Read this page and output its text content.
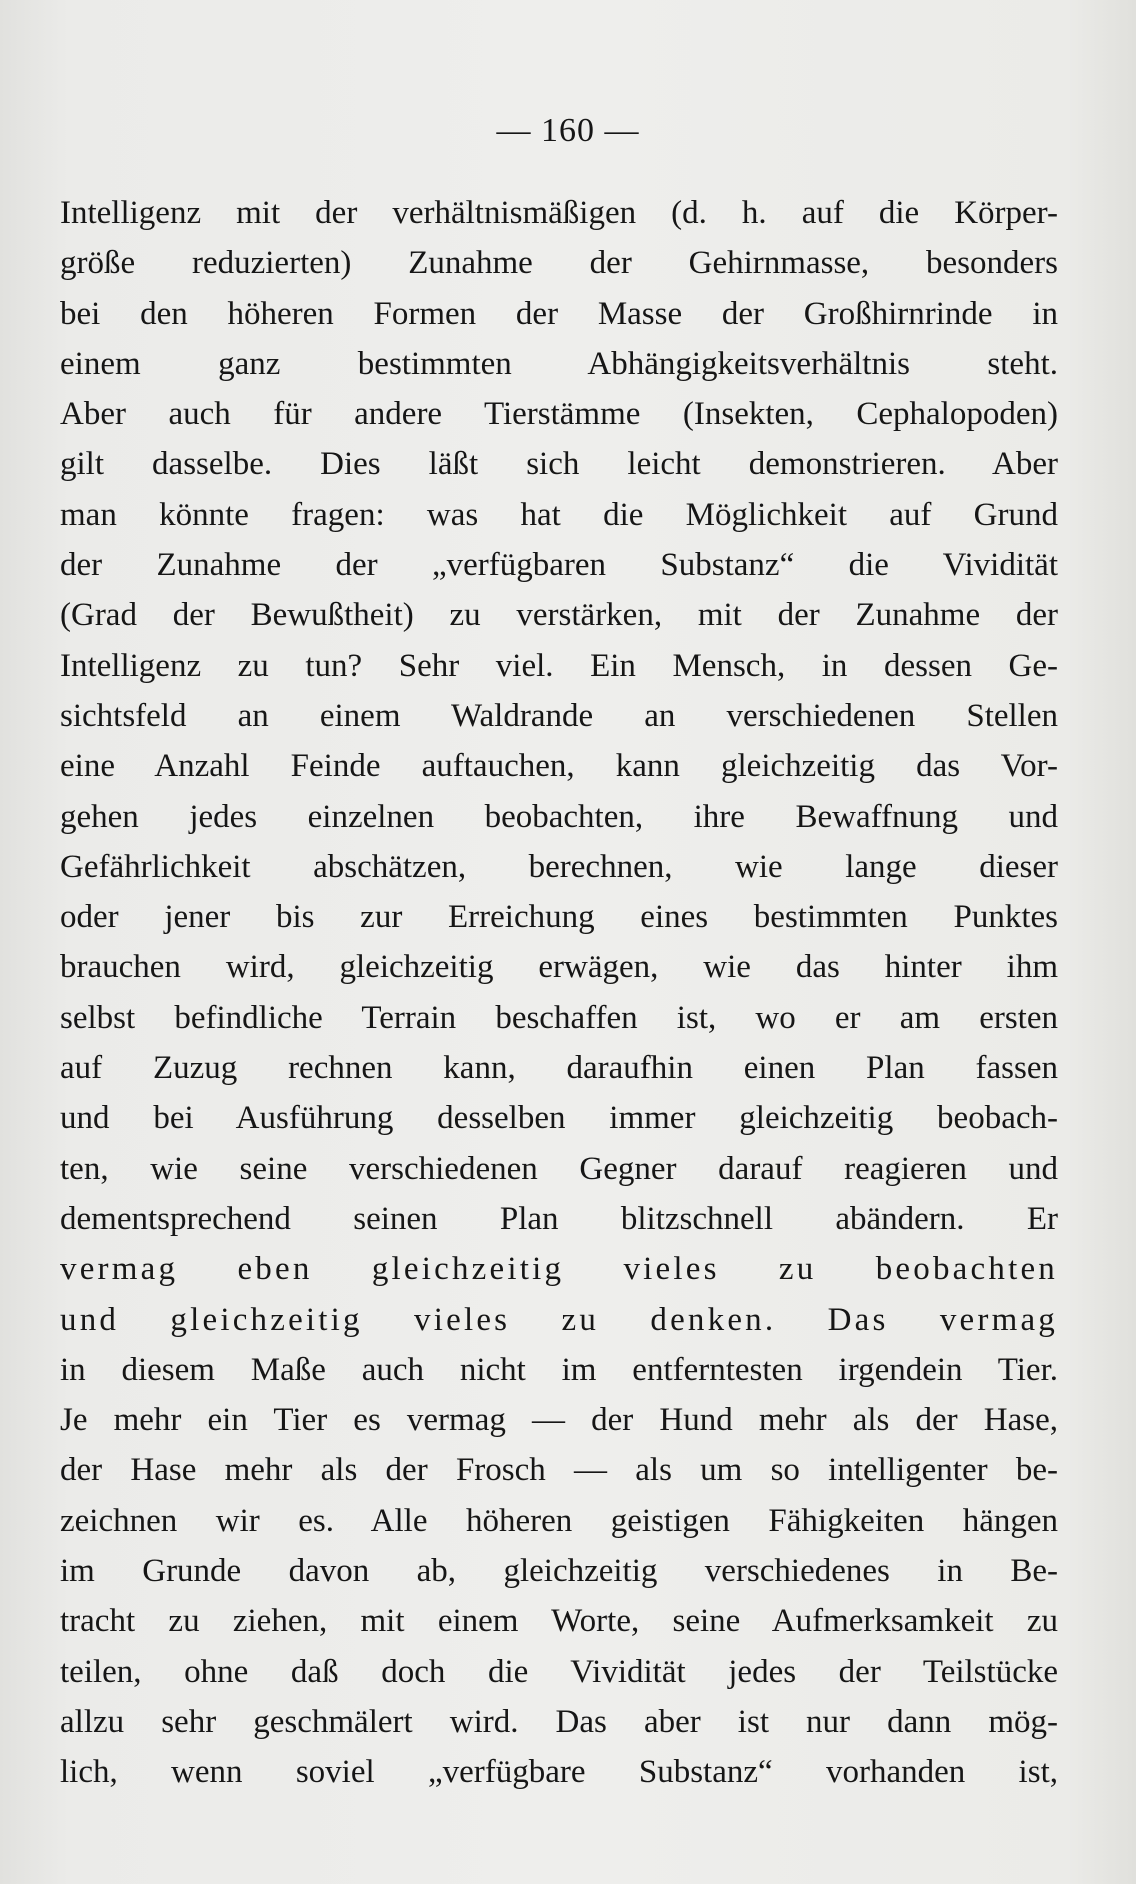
— 160 —
Intelligenz mit der verhältnismäßigen (d. h. auf die Körper-
größe reduzierten) Zunahme der Gehirnmasse, besonders
bei den höheren Formen der Masse der Großhirnrinde in
einem ganz bestimmten Abhängigkeitsverhältnis steht.
Aber auch für andere Tierstämme (Insekten, Cephalopoden)
gilt dasselbe. Dies läßt sich leicht demonstrieren. Aber
man könnte fragen: was hat die Möglichkeit auf Grund
der Zunahme der „verfügbaren Substanz“ die Vividität
(Grad der Bewußtheit) zu verstärken, mit der Zunahme der
Intelligenz zu tun? Sehr viel. Ein Mensch, in dessen Ge-
sichtsfeld an einem Waldrande an verschiedenen Stellen
eine Anzahl Feinde auftauchen, kann gleichzeitig das Vor-
gehen jedes einzelnen beobachten, ihre Bewaffnung und
Gefährlichkeit abschätzen, berechnen, wie lange dieser
oder jener bis zur Erreichung eines bestimmten Punktes
brauchen wird, gleichzeitig erwägen, wie das hinter ihm
selbst befindliche Terrain beschaffen ist, wo er am ersten
auf Zuzug rechnen kann, daraufhin einen Plan fassen
und bei Ausführung desselben immer gleichzeitig beobach-
ten, wie seine verschiedenen Gegner darauf reagieren und
dementsprechend seinen Plan blitzschnell abändern. Er
vermag eben gleichzeitig vieles zu beobachten
und gleichzeitig vieles zu denken. Das vermag
in diesem Maße auch nicht im entferntesten irgendein Tier.
Je mehr ein Tier es vermag — der Hund mehr als der Hase,
der Hase mehr als der Frosch — als um so intelligenter be-
zeichnen wir es. Alle höheren geistigen Fähigkeiten hängen
im Grunde davon ab, gleichzeitig verschiedenes in Be-
tracht zu ziehen, mit einem Worte, seine Aufmerksamkeit zu
teilen, ohne daß doch die Vividität jedes der Teilstücke
allzu sehr geschmälert wird. Das aber ist nur dann mög-
lich, wenn soviel „verfügbare Substanz“ vorhanden ist,
